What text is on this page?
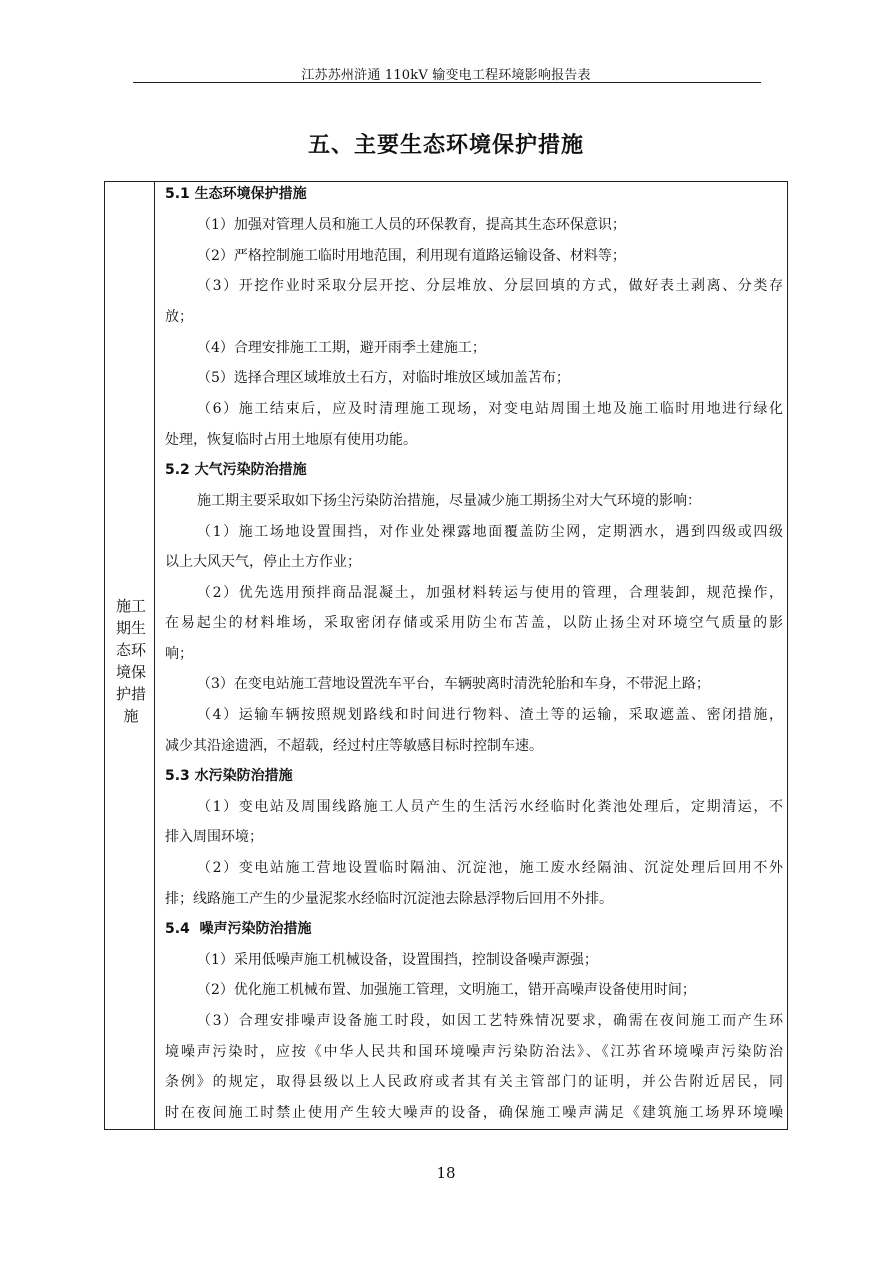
江苏苏州浒通 110kV 输变电工程环境影响报告表
五、主要生态环境保护措施
施工期生态环境保护措施
5.1 生态环境保护措施
（1）加强对管理人员和施工人员的环保教育，提高其生态环保意识；
（2）严格控制施工临时用地范围，利用现有道路运输设备、材料等；
（3）开挖作业时采取分层开挖、分层堆放、分层回填的方式，做好表土剥离、分类存
放；
（4）合理安排施工工期，避开雨季土建施工；
（5）选择合理区域堆放土石方，对临时堆放区域加盖苫布；
（6）施工结束后，应及时清理施工现场，对变电站周围土地及施工临时用地进行绿化
处理，恢复临时占用土地原有使用功能。
5.2 大气污染防治措施
施工期主要采取如下扬尘污染防治措施，尽量减少施工期扬尘对大气环境的影响：
（1）施工场地设置围挡，对作业处裸露地面覆盖防尘网，定期洒水，遇到四级或四级
以上大风天气，停止土方作业；
（2）优先选用预拌商品混凝土，加强材料转运与使用的管理，合理装卸，规范操作，
在易起尘的材料堆场，采取密闭存储或采用防尘布苫盖，以防止扬尘对环境空气质量的影
响；
（3）在变电站施工营地设置洗车平台，车辆驶离时清洗轮胎和车身，不带泥上路；
（4）运输车辆按照规划路线和时间进行物料、渣土等的运输，采取遮盖、密闭措施，
减少其沿途遗洒，不超载，经过村庄等敏感目标时控制车速。
5.3 水污染防治措施
（1）变电站及周围线路施工人员产生的生活污水经临时化粪池处理后，定期清运，不
排入周围环境；
（2）变电站施工营地设置临时隔油、沉淀池，施工废水经隔油、沉淀处理后回用不外
排；线路施工产生的少量泥浆水经临时沉淀池去除悬浮物后回用不外排。
5.4  噪声污染防治措施
（1）采用低噪声施工机械设备，设置围挡，控制设备噪声源强；
（2）优化施工机械布置、加强施工管理，文明施工，错开高噪声设备使用时间；
（3）合理安排噪声设备施工时段，如因工艺特殊情况要求，确需在夜间施工而产生环
境噪声污染时，应按《中华人民共和国环境噪声污染防治法》、《江苏省环境噪声污染防治
条例》的规定，取得县级以上人民政府或者其有关主管部门的证明，并公告附近居民，同
时在夜间施工时禁止使用产生较大噪声的设备，确保施工噪声满足《建筑施工场界环境噪
18
